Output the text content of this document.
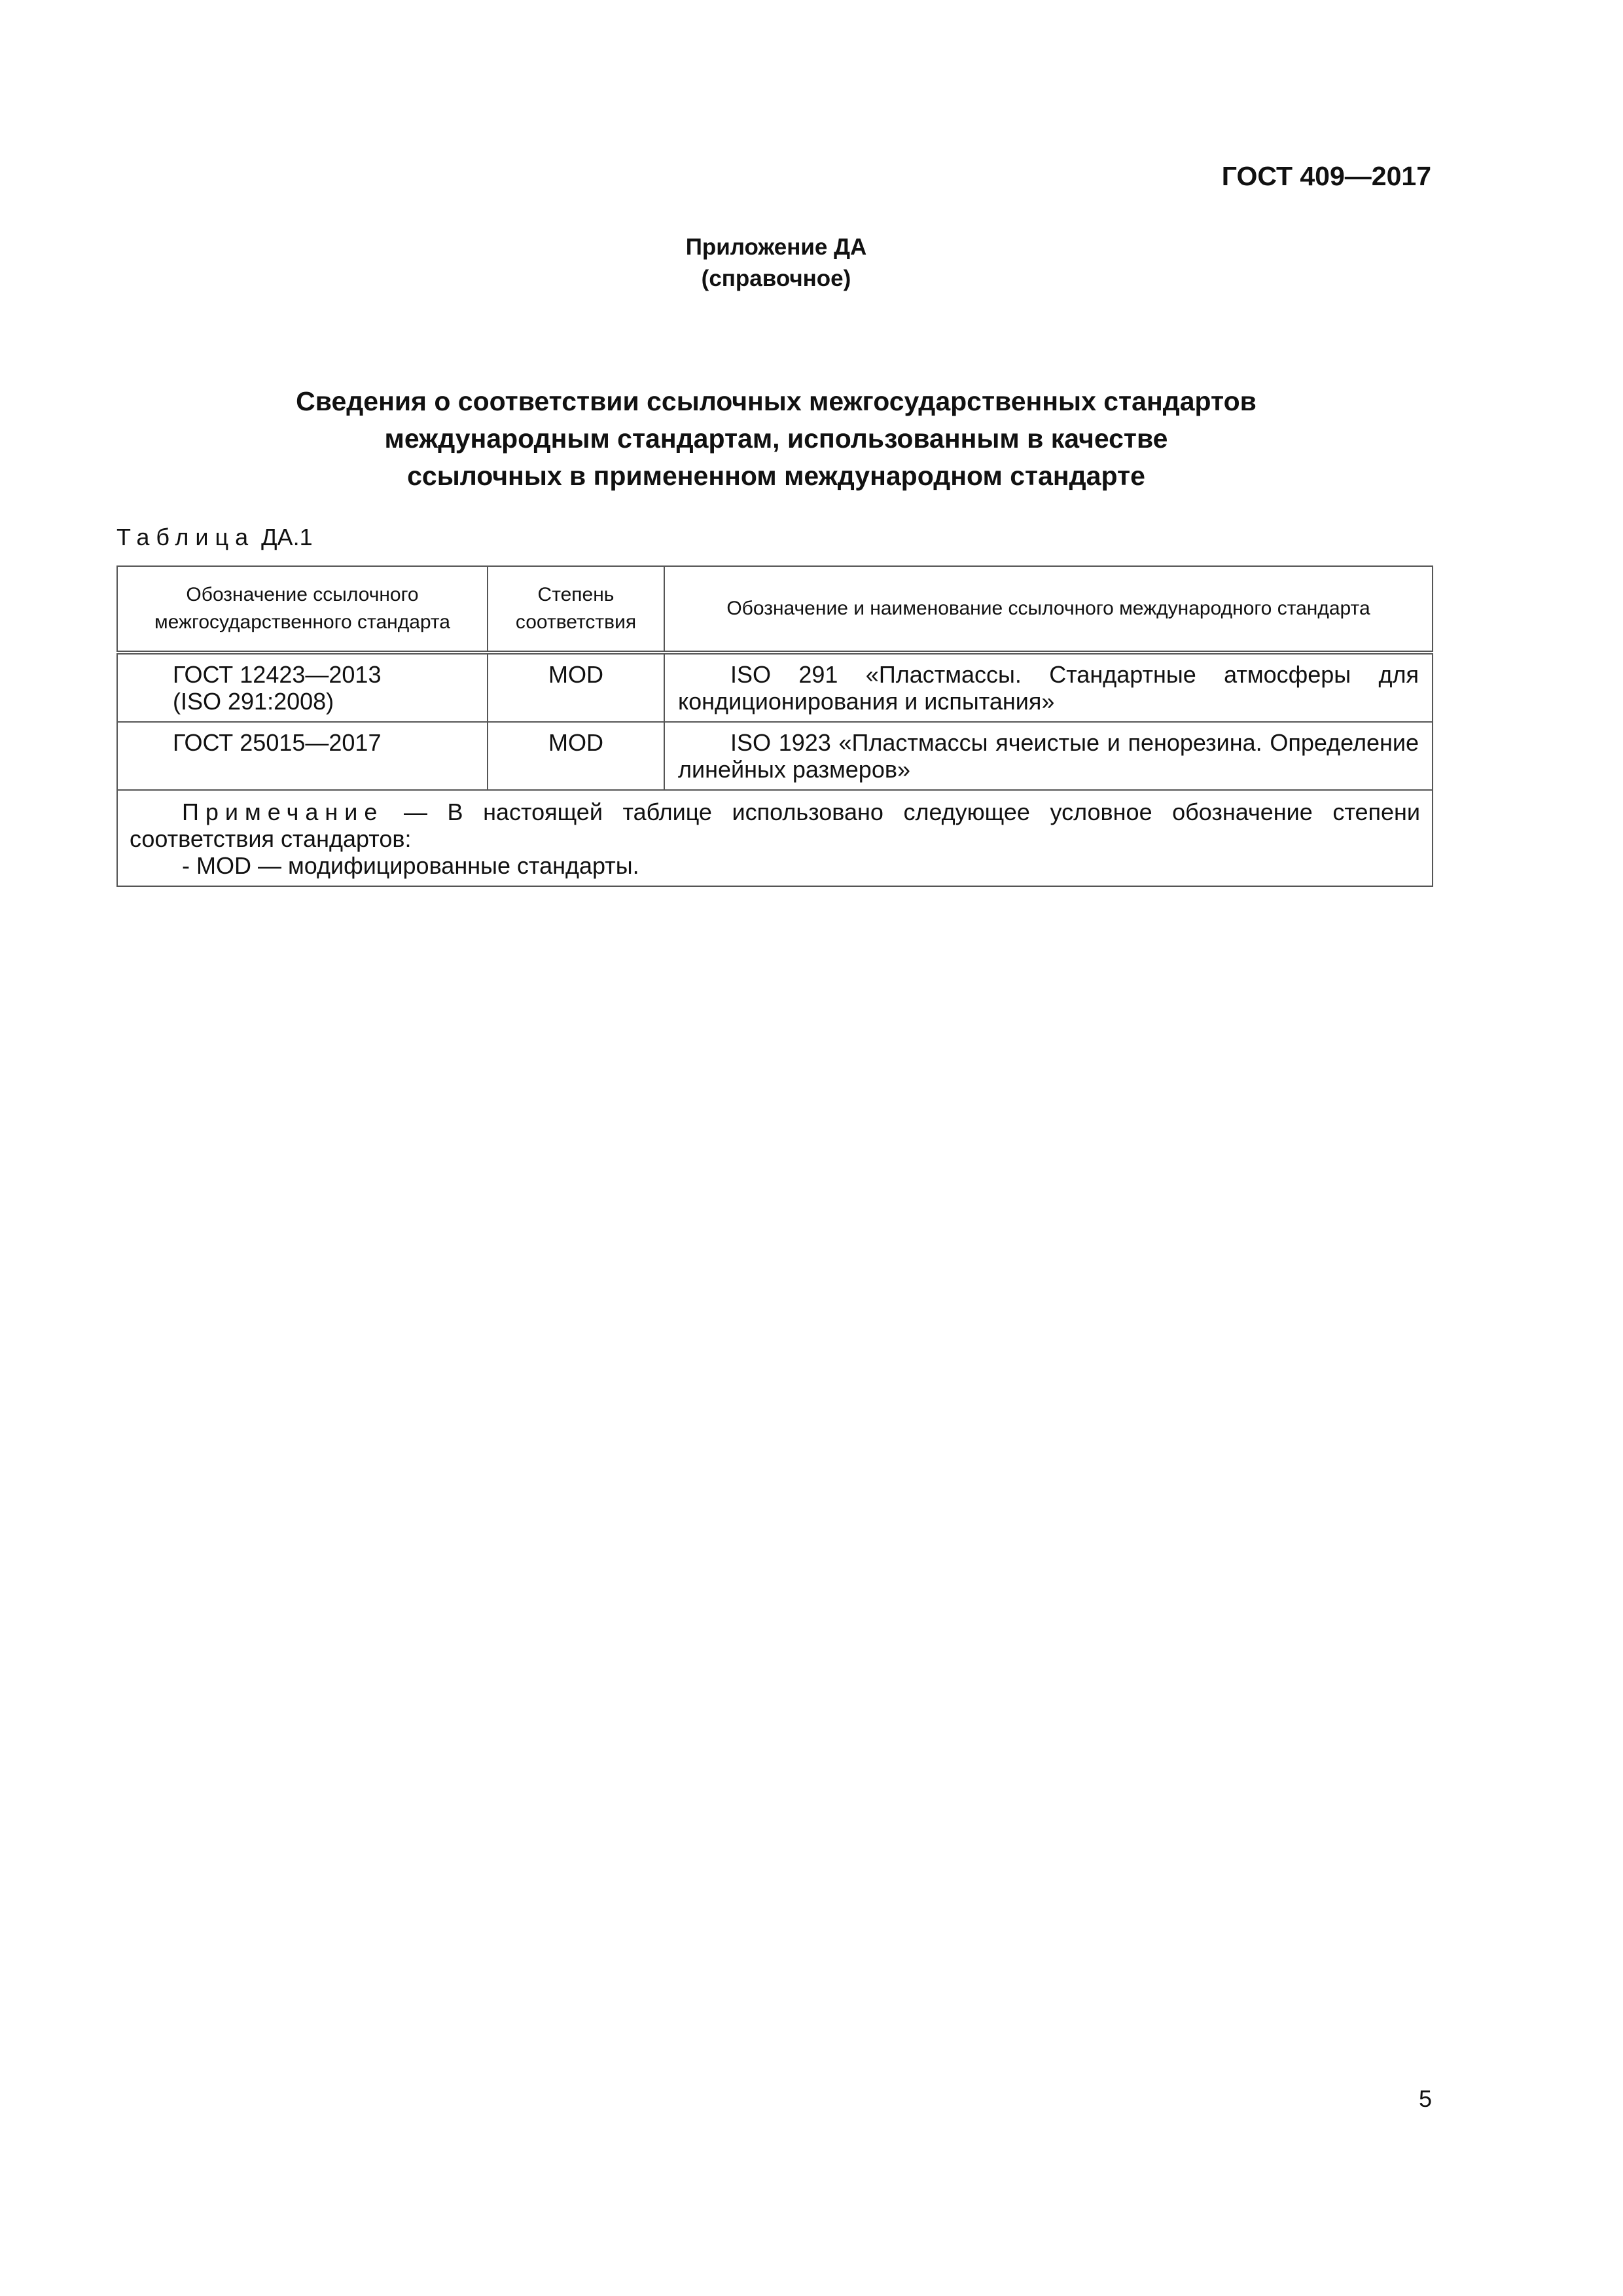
ГОСТ 409—2017
Приложение ДА
(справочное)
Сведения о соответствии ссылочных межгосударственных стандартов
международным стандартам, использованным в качестве
ссылочных в примененном международном стандарте
Таблица ДА.1
Обозначение ссылочного межгосударственного стандарта	Степень соответствия	Обозначение и наименование ссылочного международного стандарта

ГОСТ 12423—2013
(ISO 291:2008)	MOD	ISO 291 «Пластмассы. Стандартные атмосферы для кондиционирования и испытания»

ГОСТ 25015—2017	MOD	ISO 1923 «Пластмассы ячеистые и пенорезина. Определение линейных размеров»

Примечание — В настоящей таблице использовано следующее условное обозначение степени соответствия стандартов:
- MOD — модифицированные стандарты.		
5
